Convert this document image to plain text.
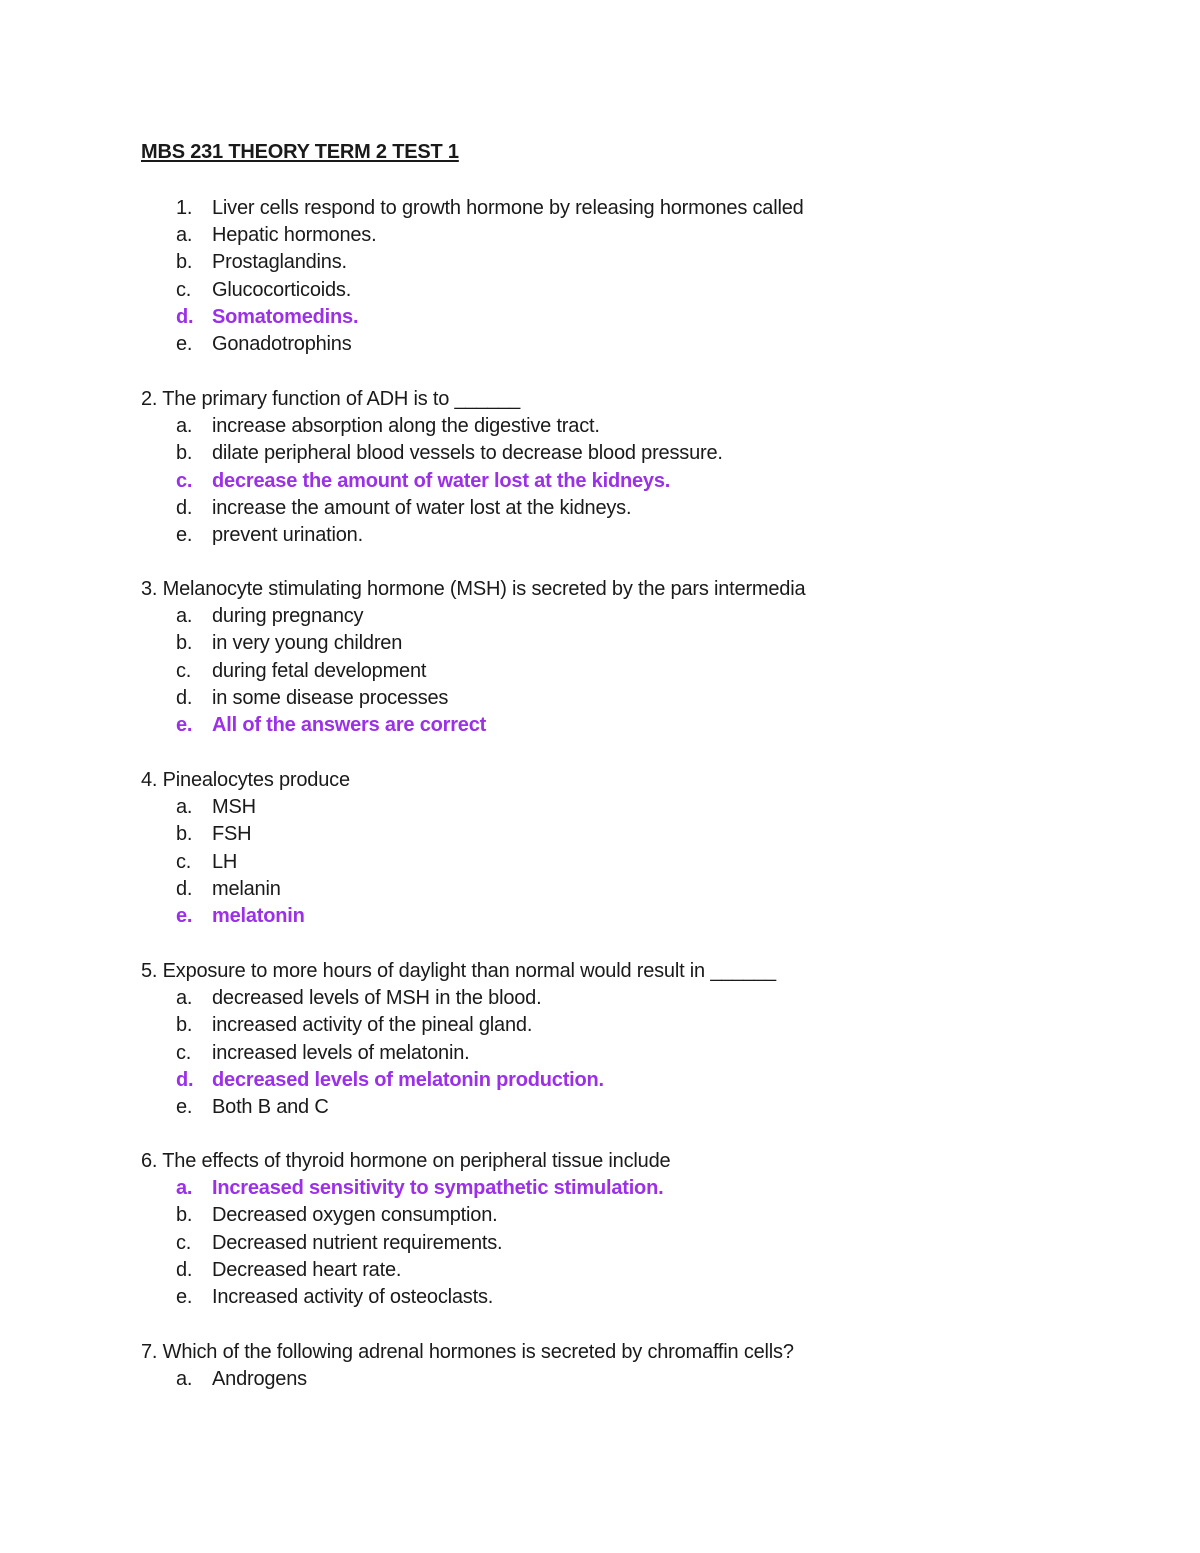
MBS 231 THEORY TERM 2 TEST 1
1. Liver cells respond to growth hormone by releasing hormones called
a. Hepatic hormones.
b. Prostaglandins.
c. Glucocorticoids.
d. Somatomedins.
e. Gonadotrophins
2. The primary function of ADH is to ______
a. increase absorption along the digestive tract.
b. dilate peripheral blood vessels to decrease blood pressure.
c. decrease the amount of water lost at the kidneys.
d. increase the amount of water lost at the kidneys.
e. prevent urination.
3. Melanocyte stimulating hormone (MSH) is secreted by the pars intermedia
a. during pregnancy
b. in very young children
c. during fetal development
d. in some disease processes
e. All of the answers are correct
4. Pinealocytes produce
a. MSH
b. FSH
c. LH
d. melanin
e. melatonin
5. Exposure to more hours of daylight than normal would result in ______
a. decreased levels of MSH in the blood.
b. increased activity of the pineal gland.
c. increased levels of melatonin.
d. decreased levels of melatonin production.
e. Both B and C
6. The effects of thyroid hormone on peripheral tissue include
a. Increased sensitivity to sympathetic stimulation.
b. Decreased oxygen consumption.
c. Decreased nutrient requirements.
d. Decreased heart rate.
e. Increased activity of osteoclasts.
7. Which of the following adrenal hormones is secreted by chromaffin cells?
a. Androgens
